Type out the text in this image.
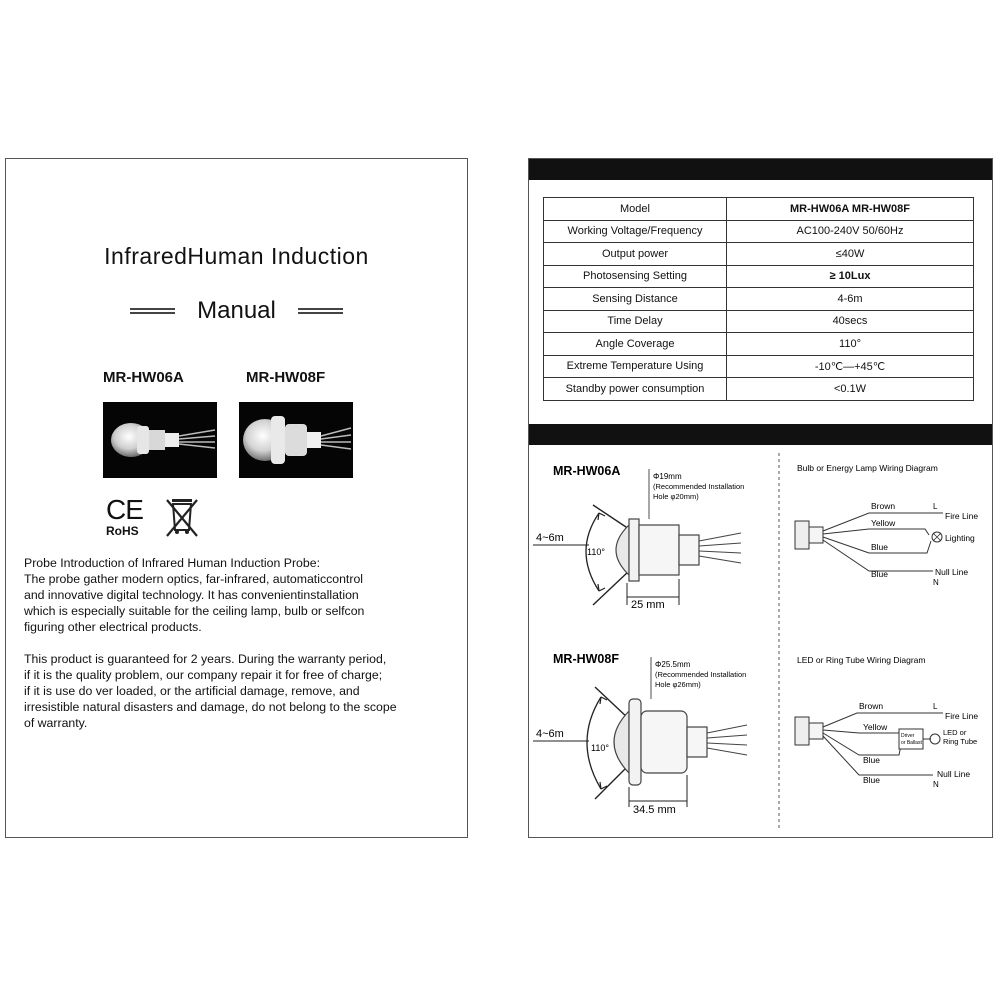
InfraredHuman Induction
Manual
MR-HW06A	MR-HW08F
CE
RoHS
Probe Introduction of Infrared Human Induction Probe:
The probe gather modern optics, far-infrared, automaticcontrol
and innovative digital technology. It has convenientinstallation
which is especially suitable for the ceiling lamp, bulb or selfcon
figuring other electrical products.
This product is guaranteed for 2 years. During the warranty period,
if it is the quality problem, our company repair it for free of charge;
if it is use do ver loaded, or the artificial damage, remove, and
irresistible natural disasters and damage, do not belong to the scope
of warranty.
Model	MR-HW06A MR-HW08F
Working Voltage/Frequency	AC100-240V 50/60Hz
Output power	≤40W
Photosensing Setting	≥ 10Lux
Sensing Distance	4-6m
Time Delay	40secs
Angle Coverage	110°
Extreme Temperature Using	-10℃—+45℃
Standby power consumption	<0.1W
MR-HW06A
4~6m
110°
Φ19mm
(Recommended Installation
Hole φ20mm)
25 mm
MR-HW08F
4~6m
110°
Φ25.5mm
(Recommended Installation
Hole φ26mm)
34.5 mm
Bulb or Energy Lamp Wiring Diagram
Brown
Yellow
Blue
Blue
L
Fire Line
Lighting
Null Line
N
LED or Ring Tube Wiring Diagram
Brown
Yellow
Blue
Blue
Driver
or Ballast
L
Fire Line
LED or
Ring Tube
Null Line
N
